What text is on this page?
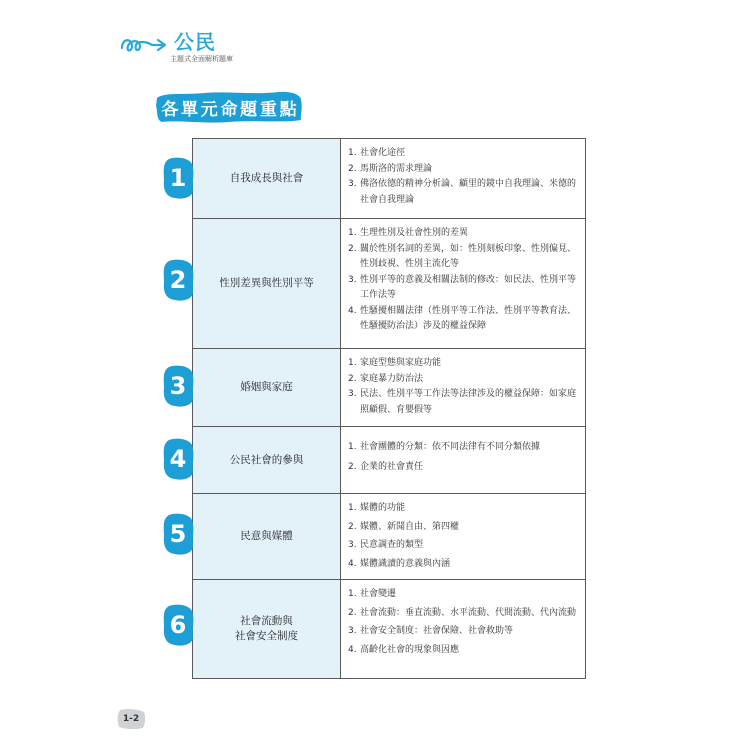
公民
主題式全面解析題庫
各 單 元 命 題 重 點
自我成長與社會
1. 社會化途徑
2. 馬斯洛的需求理論
3. 佛洛依德的精神分析論、顧里的鏡中自我理論、米德的社會自我理論
性別差異與性別平等
1. 生理性別及社會性別的差異
2. 關於性別名詞的差異，如：性別刻板印象、性別偏見、性別歧視、性別主流化等
3. 性別平等的意義及相關法制的修改：如民法、性別平等工作法等
4. 性騷擾相關法律（性別平等工作法、性別平等教育法、性騷擾防治法）涉及的權益保障
婚姻與家庭
1. 家庭型態與家庭功能
2. 家庭暴力防治法
3. 民法、性別平等工作法等法律涉及的權益保障：如家庭照顧假、育嬰假等
公民社會的參與
1. 社會團體的分類：依不同法律有不同分類依據
2. 企業的社會責任
民意與媒體
1. 媒體的功能
2. 媒體、新聞自由、第四權
3. 民意調查的類型
4. 媒體識讀的意義與內涵
社會流動與
社會安全制度
1. 社會變遷
2. 社會流動：垂直流動、水平流動、代間流動、代內流動
3. 社會安全制度：社會保險、社會救助等
4. 高齡化社會的現象與因應
1
2
3
4
5
6
1-2
